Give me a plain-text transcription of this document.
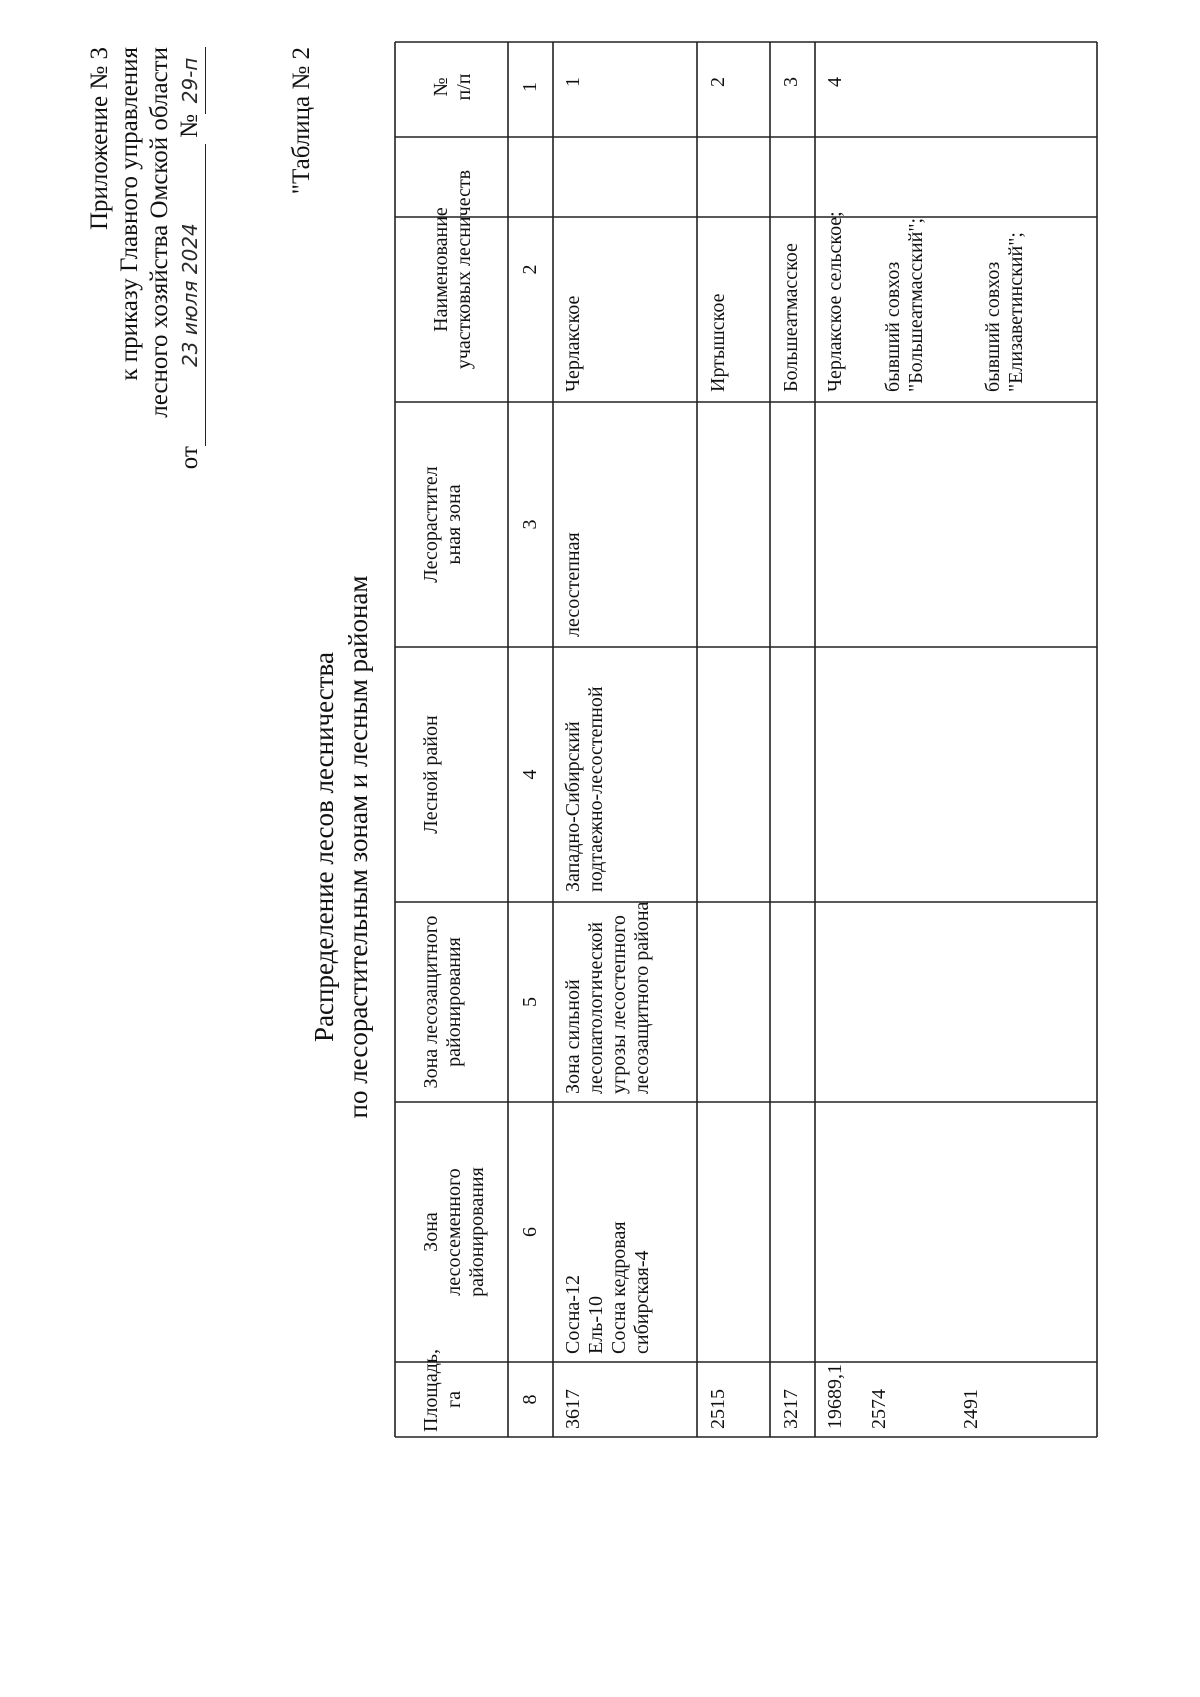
Приложение № 3 к приказу Главного управления лесного хозяйства Омской области
от23 июля 2024 №29-п	"Таблица № 2
Распределение лесов лесничества по лесорастительным зонам и лесным районам
№ п/п
Наименование участковых лесничеств
Лесорастител ьная зона
Лесной район
Зона лесозащитного районирования
Зона лесосеменного районирования
Площадь, га
1
2
3
4
5
6
8
1
Черлакское
лесостепная
Западно-Сибирский подтаежно-лесостепной
Зона сильной лесопатологической угрозы лесостепного лесозащитного района
Сосна-12 Ель-10 Сосна кедровая сибирская-4
3617
2
Иртышское
2515
3
Большеатмасское
3217
4
Черлакское сельское;
19689,1
бывший совхоз "Большеатмасский";
2574
бывший совхоз "Елизаветинский";
2491
